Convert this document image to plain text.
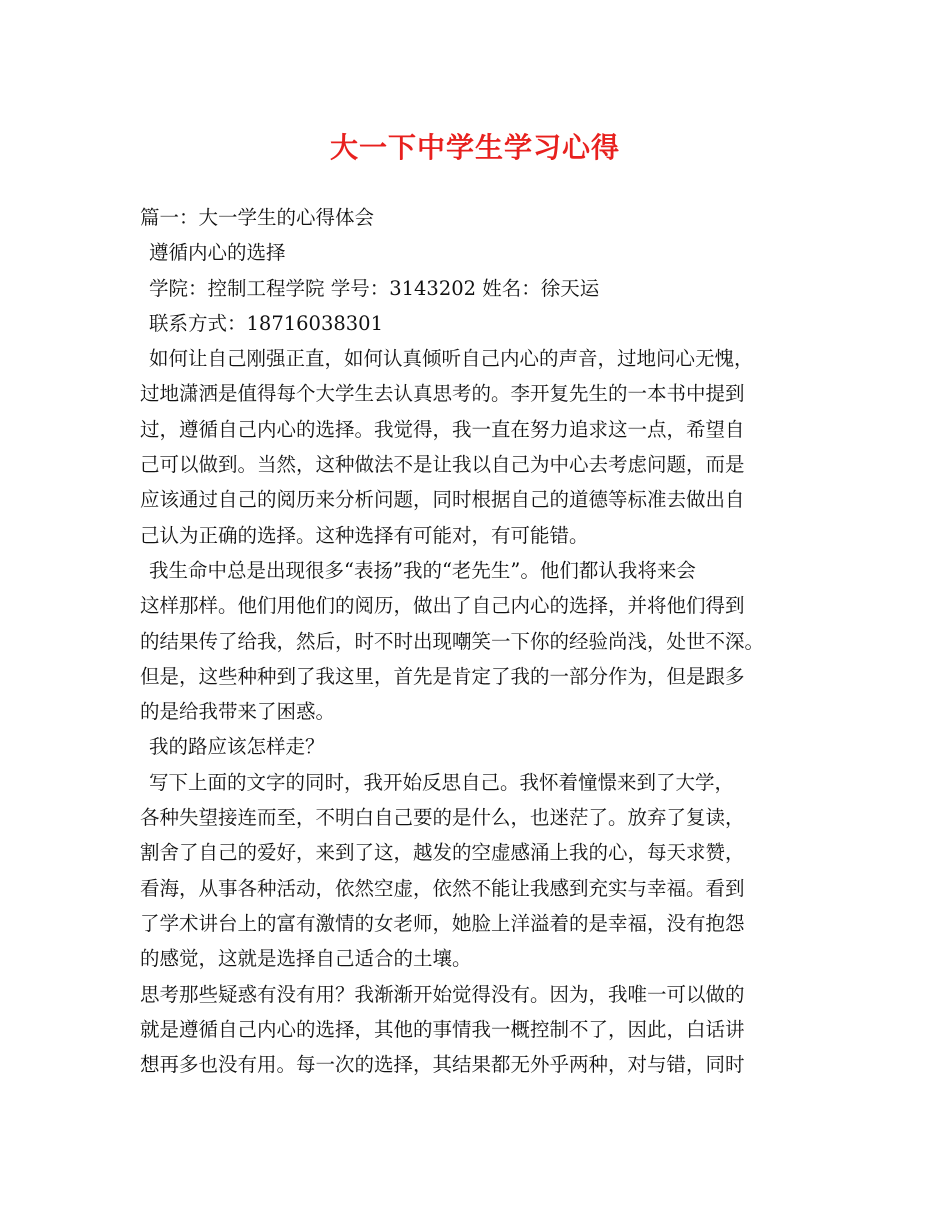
大一下中学生学习心得
篇一：大一学生的心得体会
遵循内心的选择
学院：控制工程学院 学号：3143202 姓名：徐天运
联系方式：18716038301
如何让自己刚强正直，如何认真倾听自己内心的声音，过地问心无愧，
过地潇洒是值得每个大学生去认真思考的。李开复先生的一本书中提到
过，遵循自己内心的选择。我觉得，我一直在努力追求这一点，希望自
己可以做到。当然，这种做法不是让我以自己为中心去考虑问题，而是
应该通过自己的阅历来分析问题，同时根据自己的道德等标准去做出自
己认为正确的选择。这种选择有可能对，有可能错。
我生命中总是出现很多“表扬”我的“老先生”。他们都认我将来会
这样那样。他们用他们的阅历，做出了自己内心的选择，并将他们得到
的结果传了给我，然后，时不时出现嘲笑一下你的经验尚浅，处世不深。
但是，这些种种到了我这里，首先是肯定了我的一部分作为，但是跟多
的是给我带来了困惑。
我的路应该怎样走？
写下上面的文字的同时，我开始反思自己。我怀着憧憬来到了大学，
各种失望接连而至，不明白自己要的是什么，也迷茫了。放弃了复读，
割舍了自己的爱好，来到了这，越发的空虚感涌上我的心，每天求赞，
看海，从事各种活动，依然空虚，依然不能让我感到充实与幸福。看到
了学术讲台上的富有激情的女老师，她脸上洋溢着的是幸福，没有抱怨
的感觉，这就是选择自己适合的土壤。
思考那些疑惑有没有用？我渐渐开始觉得没有。因为，我唯一可以做的
就是遵循自己内心的选择，其他的事情我一概控制不了，因此，白话讲
想再多也没有用。每一次的选择，其结果都无外乎两种，对与错，同时
